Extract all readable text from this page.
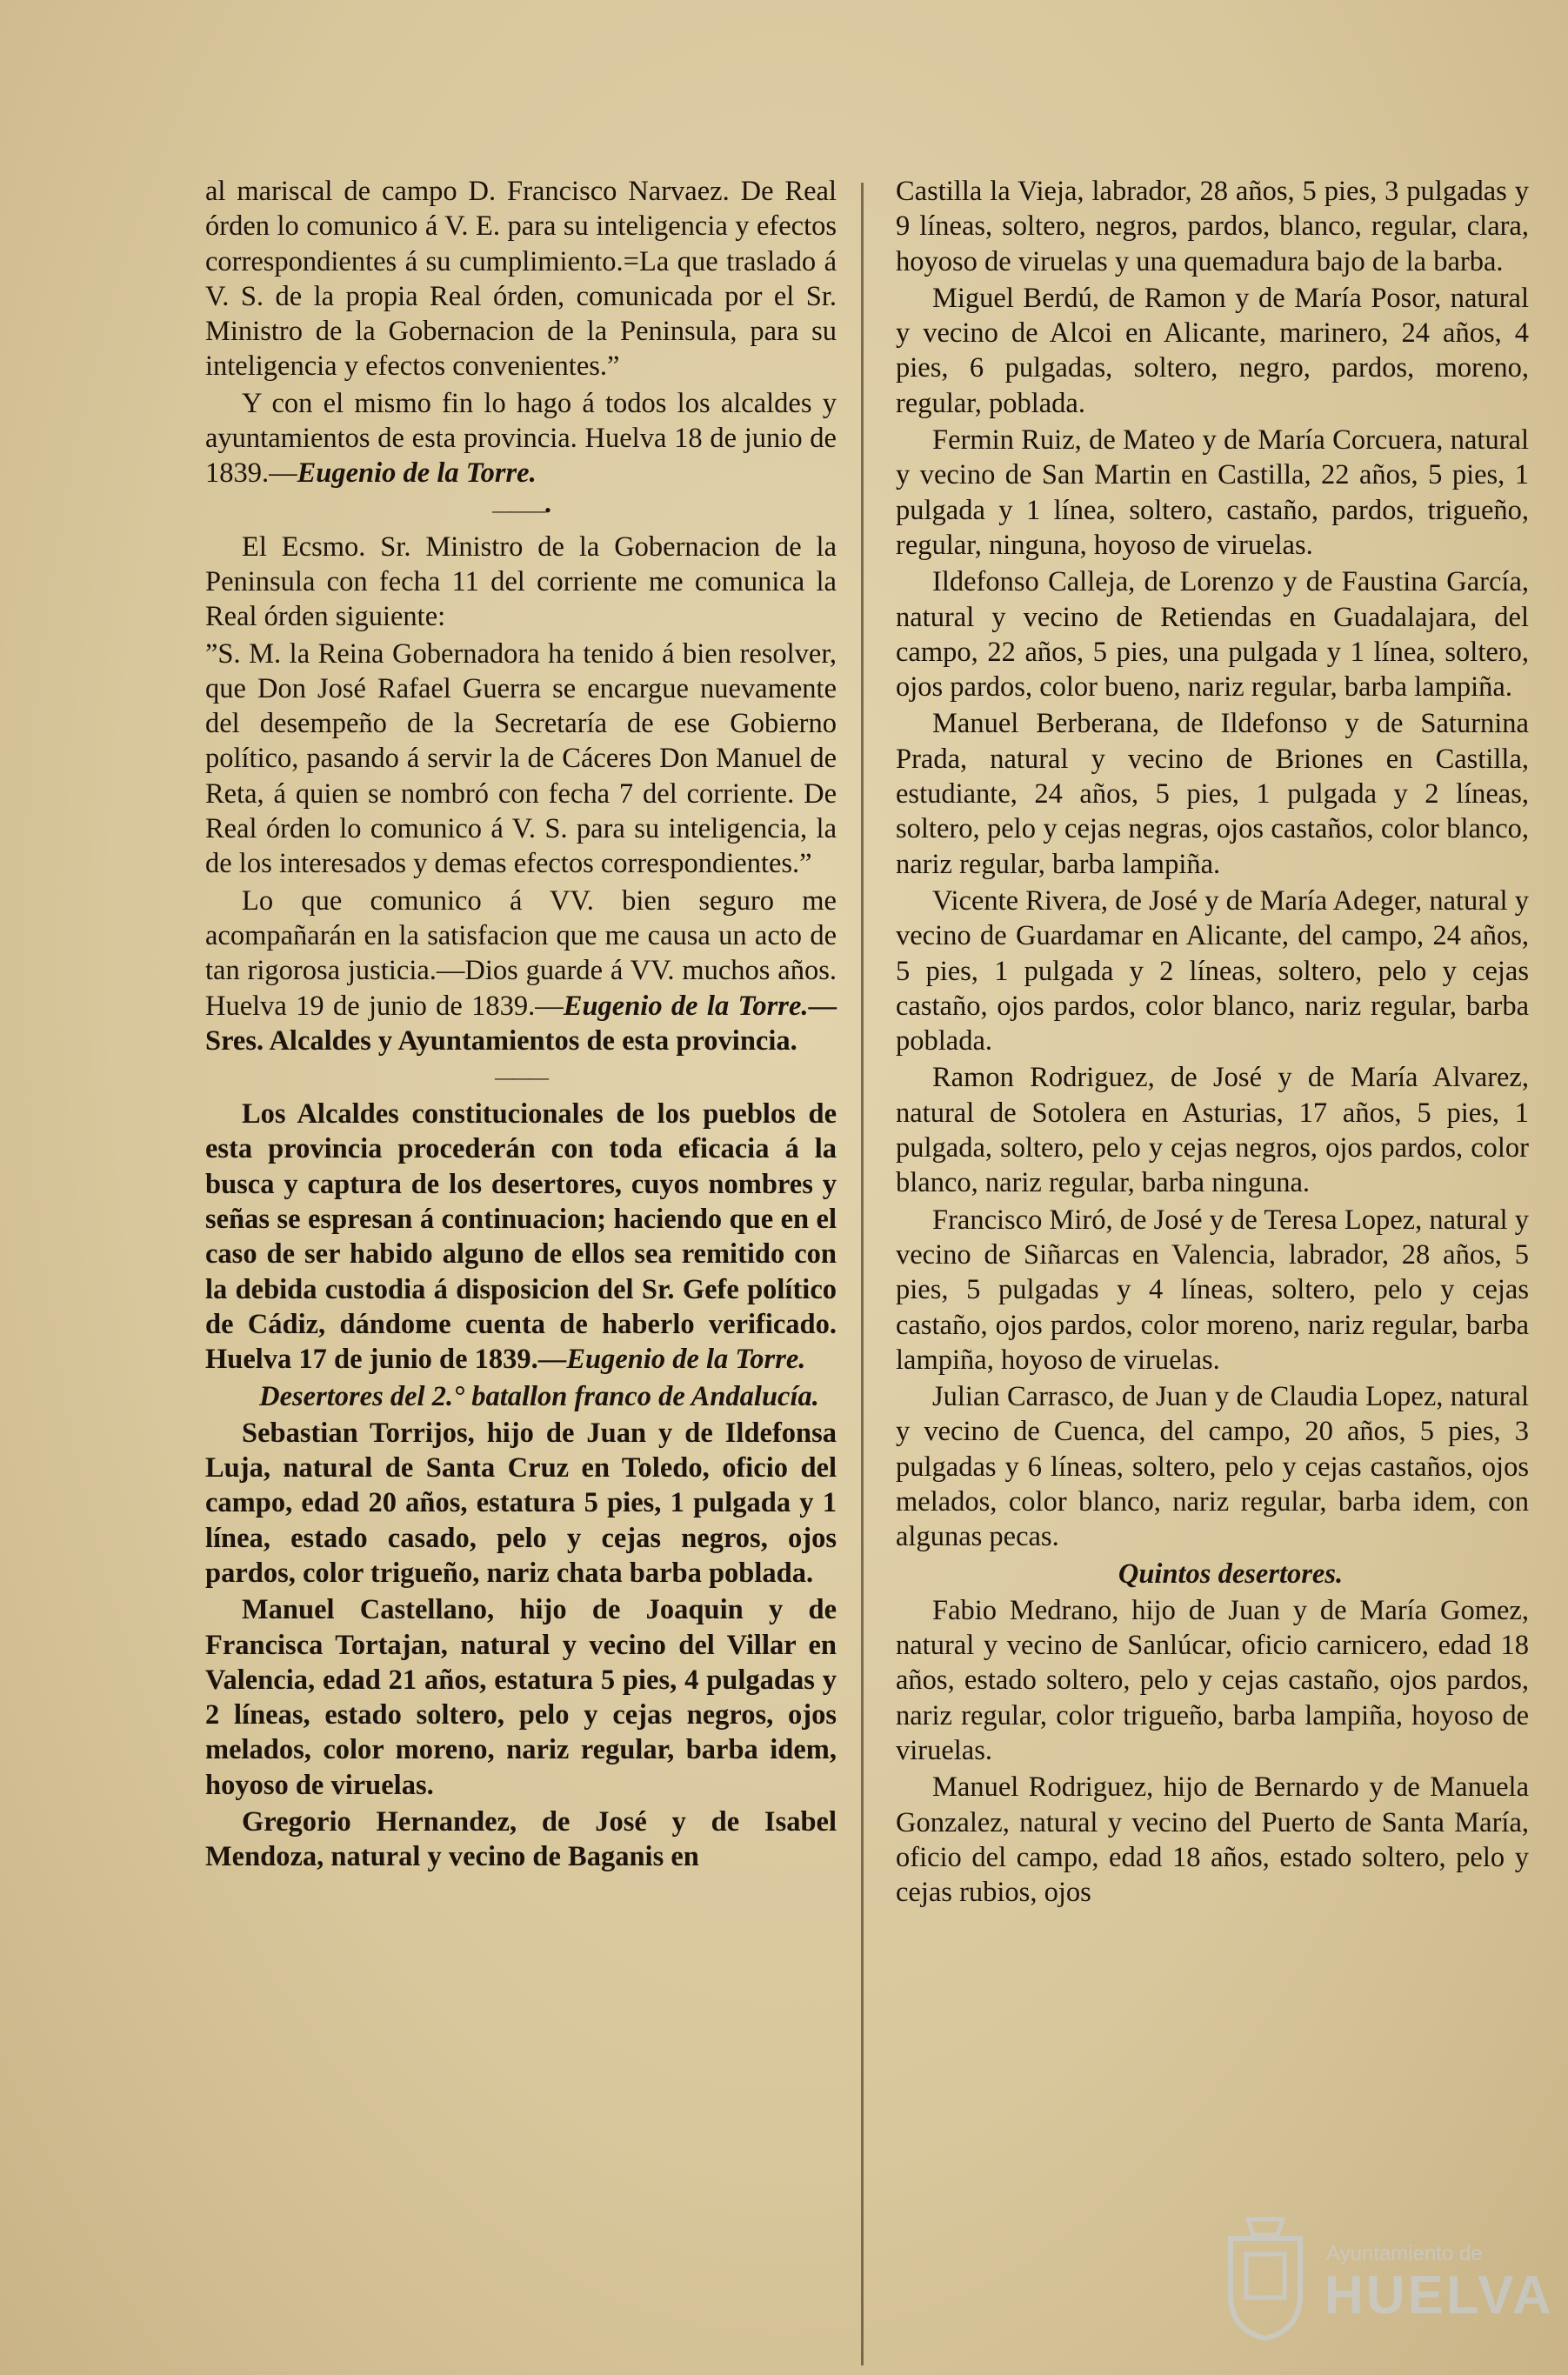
al mariscal de campo D. Francisco Narvaez. De Real órden lo comunico á V. E. para su inteligencia y efectos correspondientes á su cumplimiento.=La que traslado á V. S. de la propia Real órden, comunicada por el Sr. Ministro de la Gobernacion de la Peninsula, para su inteligencia y efectos convenientes.”

Y con el mismo fin lo hago á todos los alcaldes y ayuntamientos de esta provincia. Huelva 18 de junio de 1839.—Eugenio de la Torre.

———•

El Ecsmo. Sr. Ministro de la Gobernacion de la Peninsula con fecha 11 del corriente me comunica la Real órden siguiente:

”S. M. la Reina Gobernadora ha tenido á bien resolver, que Don José Rafael Guerra se encargue nuevamente del desempeño de la Secretaría de ese Gobierno político, pasando á servir la de Cáceres Don Manuel de Reta, á quien se nombró con fecha 7 del corriente. De Real órden lo comunico á V. S. para su inteligencia, la de los interesados y demas efectos correspondientes.”

Lo que comunico á VV. bien seguro me acompañarán en la satisfacion que me causa un acto de tan rigorosa justicia.—Dios guarde á VV. muchos años. Huelva 19 de junio de 1839.—Eugenio de la Torre.—Sres. Alcaldes y Ayuntamientos de esta provincia.

———

Los Alcaldes constitucionales de los pueblos de esta provincia procederán con toda eficacia á la busca y captura de los desertores, cuyos nombres y señas se espresan á continuacion; haciendo que en el caso de ser habido alguno de ellos sea remitido con la debida custodia á disposicion del Sr. Gefe político de Cádiz, dándome cuenta de haberlo verificado. Huelva 17 de junio de 1839.—Eugenio de la Torre.

Desertores del 2.° batallon franco de Andalucía.

Sebastian Torrijos, hijo de Juan y de Ildefonsa Luja, natural de Santa Cruz en Toledo, oficio del campo, edad 20 años, estatura 5 pies, 1 pulgada y 1 línea, estado casado, pelo y cejas negros, ojos pardos, color trigueño, nariz chata barba poblada.

Manuel Castellano, hijo de Joaquin y de Francisca Tortajan, natural y vecino del Villar en Valencia, edad 21 años, estatura 5 pies, 4 pulgadas y 2 líneas, estado soltero, pelo y cejas negros, ojos melados, color moreno, nariz regular, barba idem, hoyoso de viruelas.

Gregorio Hernandez, de José y de Isabel Mendoza, natural y vecino de Baganis en

Castilla la Vieja, labrador, 28 años, 5 pies, 3 pulgadas y 9 líneas, soltero, negros, pardos, blanco, regular, clara, hoyoso de viruelas y una quemadura bajo de la barba.

Miguel Berdú, de Ramon y de María Posor, natural y vecino de Alcoi en Alicante, marinero, 24 años, 4 pies, 6 pulgadas, soltero, negro, pardos, moreno, regular, poblada.

Fermin Ruiz, de Mateo y de María Corcuera, natural y vecino de San Martin en Castilla, 22 años, 5 pies, 1 pulgada y 1 línea, soltero, castaño, pardos, trigueño, regular, ninguna, hoyoso de viruelas.

Ildefonso Calleja, de Lorenzo y de Faustina García, natural y vecino de Retiendas en Guadalajara, del campo, 22 años, 5 pies, una pulgada y 1 línea, soltero, ojos pardos, color bueno, nariz regular, barba lampiña.

Manuel Berberana, de Ildefonso y de Saturnina Prada, natural y vecino de Briones en Castilla, estudiante, 24 años, 5 pies, 1 pulgada y 2 líneas, soltero, pelo y cejas negras, ojos castaños, color blanco, nariz regular, barba lampiña.

Vicente Rivera, de José y de María Adeger, natural y vecino de Guardamar en Alicante, del campo, 24 años, 5 pies, 1 pulgada y 2 líneas, soltero, pelo y cejas castaño, ojos pardos, color blanco, nariz regular, barba poblada.

Ramon Rodriguez, de José y de María Alvarez, natural de Sotolera en Asturias, 17 años, 5 pies, 1 pulgada, soltero, pelo y cejas negros, ojos pardos, color blanco, nariz regular, barba ninguna.

Francisco Miró, de José y de Teresa Lopez, natural y vecino de Siñarcas en Valencia, labrador, 28 años, 5 pies, 5 pulgadas y 4 líneas, soltero, pelo y cejas castaño, ojos pardos, color moreno, nariz regular, barba lampiña, hoyoso de viruelas.

Julian Carrasco, de Juan y de Claudia Lopez, natural y vecino de Cuenca, del campo, 20 años, 5 pies, 3 pulgadas y 6 líneas, soltero, pelo y cejas castaños, ojos melados, color blanco, nariz regular, barba idem, con algunas pecas.

Quintos desertores.

Fabio Medrano, hijo de Juan y de María Gomez, natural y vecino de Sanlúcar, oficio carnicero, edad 18 años, estado soltero, pelo y cejas castaño, ojos pardos, nariz regular, color trigueño, barba lampiña, hoyoso de viruelas.

Manuel Rodriguez, hijo de Bernardo y de Manuela Gonzalez, natural y vecino del Puerto de Santa María, oficio del campo, edad 18 años, estado soltero, pelo y cejas rubios, ojos

Ayuntamiento de
HUELVA
